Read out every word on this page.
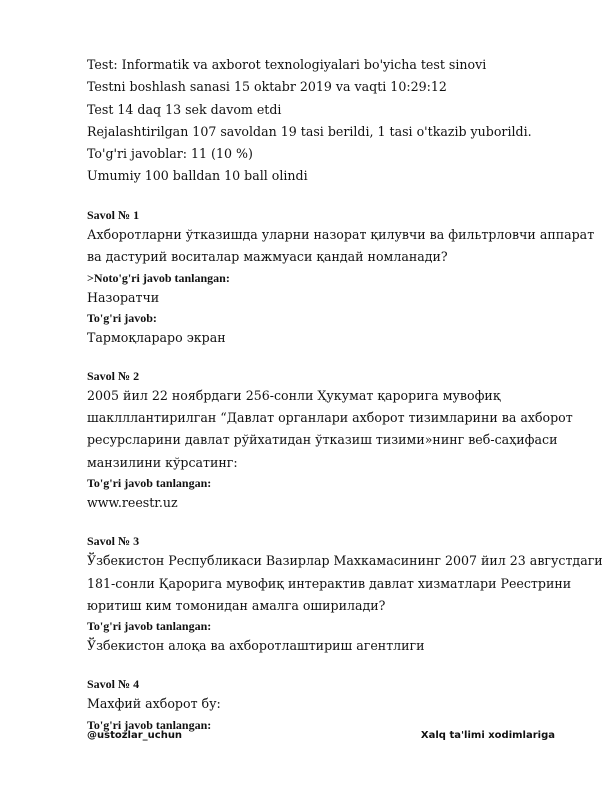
Test: Informatik va axborot texnologiyalari bo'yicha test sinovi
Testni boshlash sanasi 15 oktabr 2019 va vaqti 10:29:12
Test 14 daq 13 sek davom etdi
Rejalashtirilgan 107 savoldan 19 tasi berildi, 1 tasi o'tkazib yuborildi.
To'g'ri javoblar: 11 (10 %)
Umumiy 100 balldan 10 ball olindi
Savol № 1
Ахборотларни ўтказишда уларни назорат қилувчи ва фильтрловчи аппарат
ва дастурий воситалар мажмуаси қандай номланади?
>Noto'g'ri javob tanlangan:
Назоратчи
To'g'ri javob:
Тармоқлараро экран
Savol № 2
2005 йил 22 ноябрдаги 256-сонли Ҳукумат қарорига мувофиқ
шаклллантирилган “Давлат органлари ахборот тизимларини ва ахборот
ресурсларини давлат рўйхатидан ўтказиш тизими»нинг веб-саҳифаси
манзилини кўрсатинг:
To'g'ri javob tanlangan:
www.reestr.uz
Savol № 3
Ўзбекистон Республикаси Вазирлар Махкамасининг 2007 йил 23 августдаги
181-сонли Қарорига мувофиқ интерактив давлат хизматлари Реестрини
юритиш ким томонидан амалга оширилади?
To'g'ri javob tanlangan:
Ўзбекистон алоқа ва ахборотлаштириш агентлиги
Savol № 4
Махфий ахборот бу:
To'g'ri javob tanlangan:
@ustozlar_uchun	Xalq ta'limi xodimlariga
